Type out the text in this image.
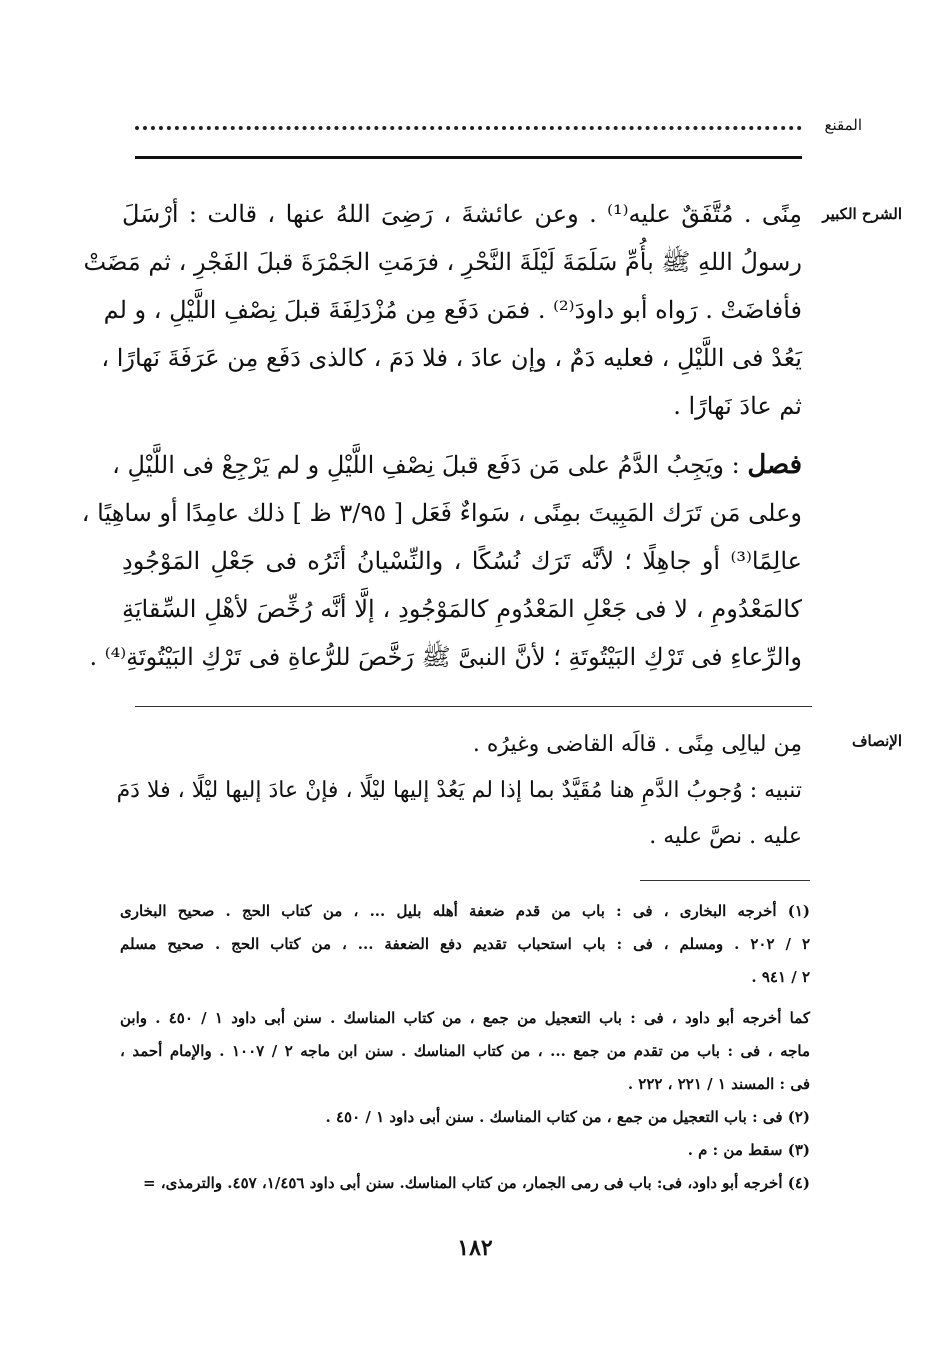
المقنع
الشرح الكبير
الإنصاف
مِنًى . مُتَّفَقٌ عليه⁽¹⁾ . وعن عائشةَ ، رَضِىَ اللهُ عنها ، قالت : أرْسَلَ
رسولُ اللهِ ﷺ بأُمِّ سَلَمَةَ لَيْلَةَ النَّحْرِ ، فرَمَتِ الجَمْرَةَ قبلَ الفَجْرِ ، ثم مَضَتْ
فأفاضَتْ . رَواه أبو داودَ⁽²⁾ . فمَن دَفَع مِن مُزْدَلِفَةَ قبلَ نِصْفِ اللَّيْلِ ، و لم
يَعُدْ فى اللَّيْلِ ، فعليه دَمٌ ، وإن عادَ ، فلا دَمَ ، كالذى دَفَع مِن عَرَفَةَ نَهارًا ،
ثم عادَ نَهارًا .
فصل : ويَجِبُ الدَّمُ على مَن دَفَع قبلَ نِصْفِ اللَّيْلِ و لم يَرْجِعْ فى اللَّيْلِ ،
وعلى مَن تَرَك المَبِيتَ بمِنًى ، سَواءٌ فَعَل [ ٣/٩٥ ظ ] ذلك عامِدًا أو ساهِيًا ،
عالِمًا⁽³⁾ أو جاهِلًا ؛ لأنَّه تَرَك نُسُكًا ، والنِّسْيانُ أثَرُه فى جَعْلِ المَوْجُودِ
كالمَعْدُومِ ، لا فى جَعْلِ المَعْدُومِ كالمَوْجُودِ ، إلَّا أنَّه رُخِّصَ لأهْلِ السِّقايَةِ
والرِّعاءِ فى تَرْكِ البَيْتُوتَةِ ؛ لأنَّ النبىَّ ﷺ رَخَّصَ للرُّعاةِ فى تَرْكِ البَيْتُوتَةِ⁽⁴⁾ .
مِن ليالِى مِنًى . قالَه القاضى وغيرُه .
تنبيه : وُجوبُ الدَّمِ هنا مُقَيَّدٌ بما إذا لم يَعُدْ إليها ليْلًا ، فإنْ عادَ إليها ليْلًا ، فلا دَمَ
عليه . نصَّ عليه .
(١) أخرجه البخارى ، فى : باب من قدم ضعفة أهله بليل ... ، من كتاب الحج . صحيح البخارى
٢ / ٢٠٢ . ومسلم ، فى : باب استحباب تقديم دفع الضعفة ... ، من كتاب الحج . صحيح مسلم
٢ / ٩٤١ .
كما أخرجه أبو داود ، فى : باب التعجيل من جمع ، من كتاب المناسك . سنن أبى داود ١ / ٤٥٠ . وابن
ماجه ، فى : باب من تقدم من جمع ... ، من كتاب المناسك . سنن ابن ماجه ٢ / ١٠٠٧ . والإمام أحمد ،
فى : المسند ١ / ٢٢١ ، ٢٢٢ .
(٢) فى : باب التعجيل من جمع ، من كتاب المناسك . سنن أبى داود ١ / ٤٥٠ .
(٣) سقط من : م .
(٤) أخرجه أبو داود، فى: باب فى رمى الجمار، من كتاب المناسك. سنن أبى داود ١/٤٥٦، ٤٥٧. والترمذى، =
١٨٢
